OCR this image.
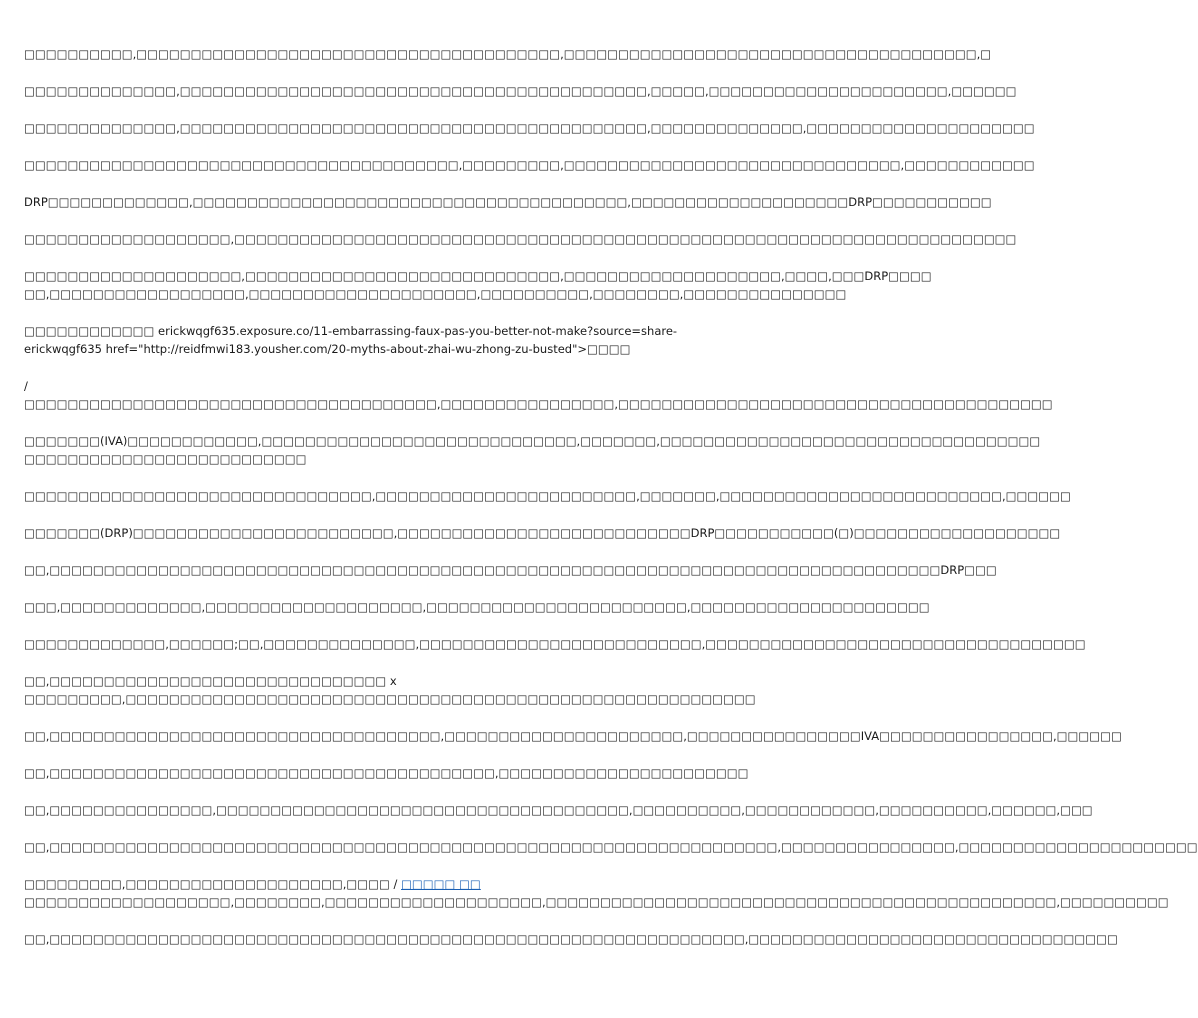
□□□□□□□□□□,□□□□□□□□□□□□□□□□□□□□□□□□□□□□□□□□□□□□□□□,□□□□□□□□□□□□□□□□□□□□□□□□□□□□□□□□□□□□□□,□
□□□□□□□□□□□□□□,□□□□□□□□□□□□□□□□□□□□□□□□□□□□□□□□□□□□□□□□□□□,□□□□□,□□□□□□□□□□□□□□□□□□□□□□,□□□□□□
□□□□□□□□□□□□□□,□□□□□□□□□□□□□□□□□□□□□□□□□□□□□□□□□□□□□□□□□□□,□□□□□□□□□□□□□□,□□□□□□□□□□□□□□□□□□□□□
□□□□□□□□□□□□□□□□□□□□□□□□□□□□□□□□□□□□□□□□,□□□□□□□□□,□□□□□□□□□□□□□□□□□□□□□□□□□□□□□□□,□□□□□□□□□□□□
DRP□□□□□□□□□□□□□,□□□□□□□□□□□□□□□□□□□□□□□□□□□□□□□□□□□□□□□□,□□□□□□□□□□□□□□□□□□□□DRP□□□□□□□□□□□
□□□□□□□□□□□□□□□□□□□,□□□□□□□□□□□□□□□□□□□□□□□□□□□□□□□□□□□□□□□□□□□□□□□□□□□□□□□□□□□□□□□□□□□□□□□□
□□□□□□□□□□□□□□□□□□□□,□□□□□□□□□□□□□□□□□□□□□□□□□□□□□,□□□□□□□□□□□□□□□□□□□□,□□□□,□□□DRP□□□□
□□,□□□□□□□□□□□□□□□□□□,□□□□□□□□□□□□□□□□□□□□□,□□□□□□□□□□,□□□□□□□□,□□□□□□□□□□□□□□□
□□□□□□□□□□□□ erickwqgf635.exposure.co/11-embarrassing-faux-pas-you-better-not-make?source=share-
erickwqgf635 href="http://reidfmwi183.yousher.com/20-myths-about-zhai-wu-zhong-zu-busted">□□□□
/
□□□□□□□□□□□□□□□□□□□□□□□□□□□□□□□□□□□□□□,□□□□□□□□□□□□□□□□,□□□□□□□□□□□□□□□□□□□□□□□□□□□□□□□□□□□□□□□□
□□□□□□□(IVA)□□□□□□□□□□□□,□□□□□□□□□□□□□□□□□□□□□□□□□□□□□,□□□□□□□,□□□□□□□□□□□□□□□□□□□□□□□□□□□□□□□□□□□
□□□□□□□□□□□□□□□□□□□□□□□□□□
□□□□□□□□□□□□□□□□□□□□□□□□□□□□□□□□,□□□□□□□□□□□□□□□□□□□□□□□□,□□□□□□□,□□□□□□□□□□□□□□□□□□□□□□□□□□,□□□□□□
□□□□□□□(DRP)□□□□□□□□□□□□□□□□□□□□□□□□,□□□□□□□□□□□□□□□□□□□□□□□□□□□DRP□□□□□□□□□□□(□)□□□□□□□□□□□□□□□□□□□
□□,□□□□□□□□□□□□□□□□□□□□□□□□□□□□□□□□□□□□□□□□□□□□□□□□□□□□□□□□□□□□□□□□□□□□□□□□□□□□□□□□□□DRP□□□
□□□,□□□□□□□□□□□□□,□□□□□□□□□□□□□□□□□□□□,□□□□□□□□□□□□□□□□□□□□□□□□,□□□□□□□□□□□□□□□□□□□□□□
□□□□□□□□□□□□□,□□□□□□;□□,□□□□□□□□□□□□□□,□□□□□□□□□□□□□□□□□□□□□□□□□□,□□□□□□□□□□□□□□□□□□□□□□□□□□□□□□□□□□□
□□,□□□□□□□□□□□□□□□□□□□□□□□□□□□□□□□ x
□□□□□□□□□,□□□□□□□□□□□□□□□□□□□□□□□□□□□□□□□□□□□□□□□□□□□□□□□□□□□□□□□□□□
□□,□□□□□□□□□□□□□□□□□□□□□□□□□□□□□□□□□□□□,□□□□□□□□□□□□□□□□□□□□□□,□□□□□□□□□□□□□□□□IVA□□□□□□□□□□□□□□□□,□□□□□□
□□,□□□□□□□□□□□□□□□□□□□□□□□□□□□□□□□□□□□□□□□□□,□□□□□□□□□□□□□□□□□□□□□□□
□□,□□□□□□□□□□□□□□□,□□□□□□□□□□□□□□□□□□□□□□□□□□□□□□□□□□□□□□,□□□□□□□□□□,□□□□□□□□□□□□,□□□□□□□□□□,□□□□□□,□□□
□□,□□□□□□□□□□□□□□□□□□□□□□□□□□□□□□□□□□□□□□□□□□□□□□□□□□□□□□□□□□□□□□□□□□□,□□□□□□□□□□□□□□□□,□□□□□□□□□□□□□□□□□□□□□□
□□□□□□□□□,□□□□□□□□□□□□□□□□□□□□,□□□□ / □□□□□ □□
□□□□□□□□□□□□□□□□□□□,□□□□□□□□,□□□□□□□□□□□□□□□□□□□□,□□□□□□□□□□□□□□□□□□□□□□□□□□□□□□□□□□□□□□□□□□□□□□□,□□□□□□□□□□
□□,□□□□□□□□□□□□□□□□□□□□□□□□□□□□□□□□□□□□□□□□□□□□□□□□□□□□□□□□□□□□□□□□,□□□□□□□□□□□□□□□□□□□□□□□□□□□□□□□□□□
